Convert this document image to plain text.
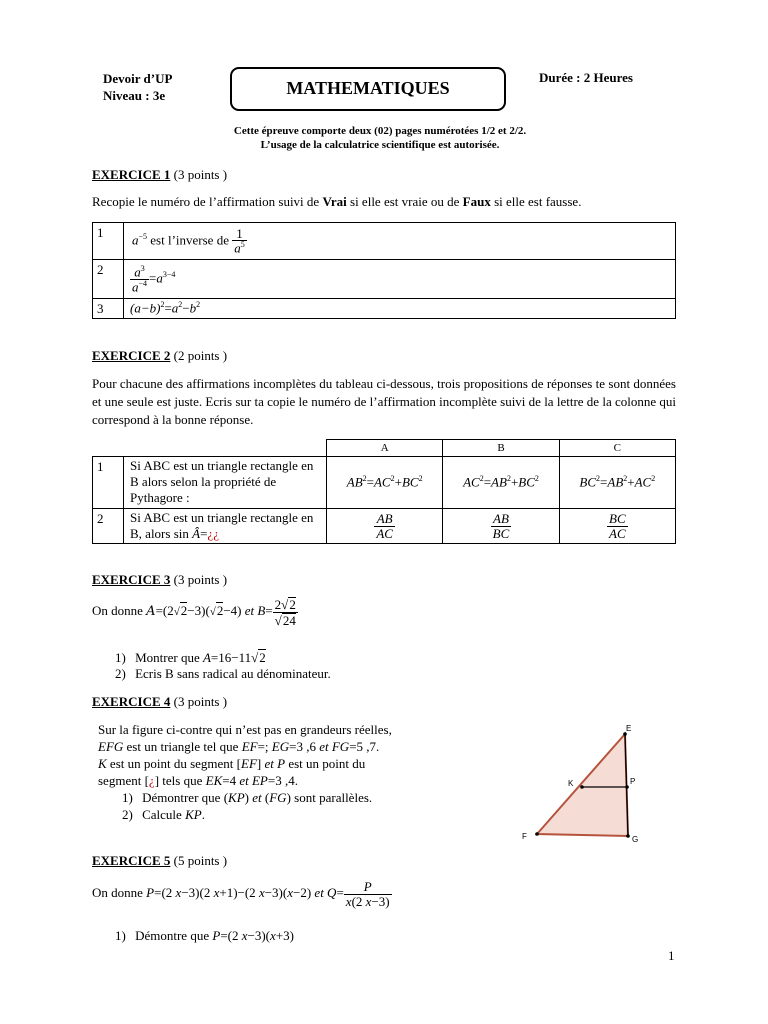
Devoir d’UP
Niveau : 3e	MATHEMATIQUES
Durée : 2 Heures
Cette épreuve comporte deux (02) pages numérotées 1/2 et 2/2.
L’usage de la calculatrice scientifique est autorisée.
EXERCICE 1 (3 points )
Recopie le numéro de l’affirmation suivi de Vrai si elle est vraie ou de Faux si elle est fausse.
1	$a^{-5}$ est l’inverse de $\frac{1}{a^5}$

2	$\frac{a^3}{a^{-4}} =a^{3-4}$
3	$(a-b)^2=a^2-b^2$
EXERCICE 2 (2 points )
Pour chacune des affirmations incomplètes du tableau ci-dessous, trois propositions de réponses te sont données et une seule est juste. Ecris sur ta copie le numéro de l’affirmation incomplète suivi de la lettre de la colonne qui correspond à la bonne réponse.
		A	B	C
1	Si ABC est un triangle rectangle en B alors selon la propriété de Pythagore :	$AB^2=AC^2+BC^2$	$AC^2=AB^2+BC^2$	$BC^2=AB^2+AC^2$
2	Si ABC est un triangle rectangle en B, alors sin Â=¿¿	$\frac{AB}{AC}$	$\frac{AB}{BC}$	$\frac{BC}{AC}$
EXERCICE 3 (3 points )
On donne A=(2√2−3)(√2−4) et $B= \frac{2√2}{√24}$
1) Montrer que A=16−11√2
2) Ecris B sans radical au dénominateur.
EXERCICE 4 (3 points )
Sur la figure ci-contre qui n’est pas en grandeurs réelles,
EFG est un triangle tel que EF=; EG=3 ,6 et FG=5 ,7.
K est un point du segment [EF] et P est un point du
segment [¿] tels que EK=4 et EP=3 ,4.
1) Démontrer que (KP) et (FG) sont parallèles.
2) Calcule KP.
E
K	P
F	G
EXERCICE 5 (5 points )
On donne P=(2 x−3)(2 x+1)−(2 x−3)(x−2) et $Q= \frac{P}{x(2 x-3)}$
1) Démontre que P=(2 x−3)(x+3)
1
